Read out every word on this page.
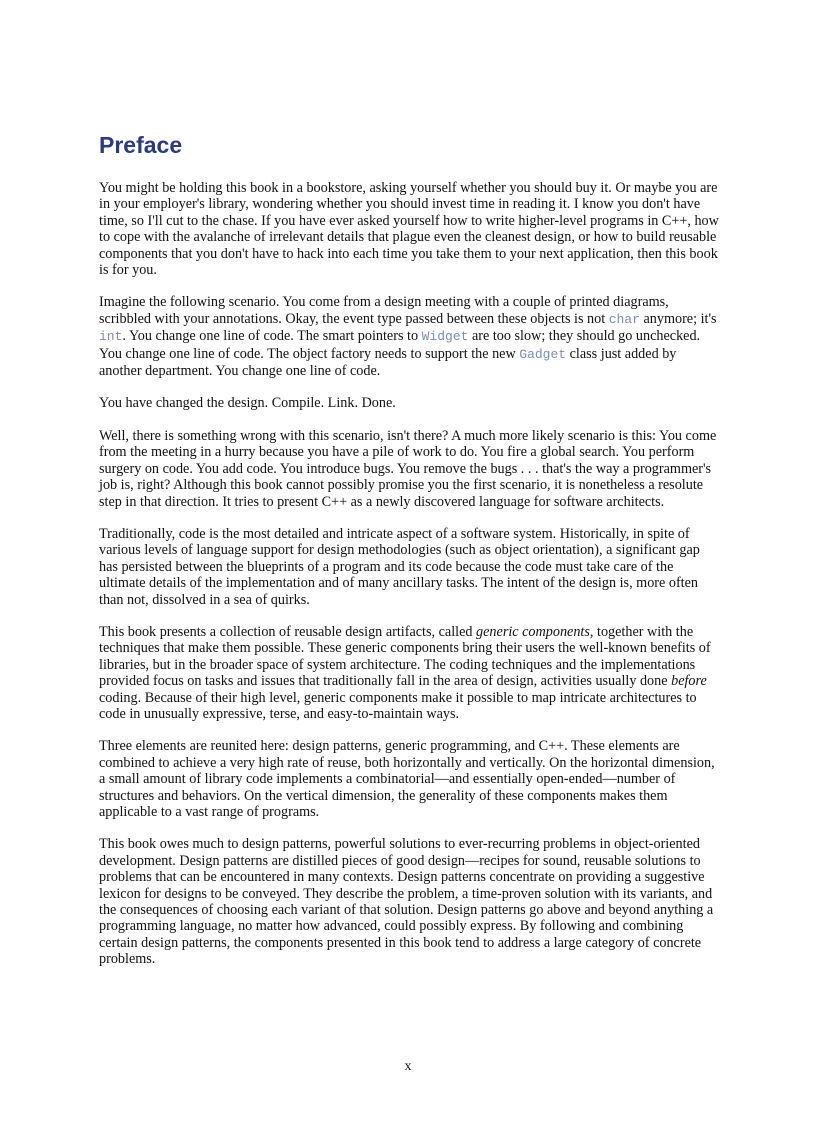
Preface

You might be holding this book in a bookstore, asking yourself whether you should buy it. Or maybe you are in your employer's library, wondering whether you should invest time in reading it. I know you don't have time, so I'll cut to the chase. If you have ever asked yourself how to write higher-level programs in C++, how to cope with the avalanche of irrelevant details that plague even the cleanest design, or how to build reusable components that you don't have to hack into each time you take them to your next application, then this book is for you.

Imagine the following scenario. You come from a design meeting with a couple of printed diagrams, scribbled with your annotations. Okay, the event type passed between these objects is not char anymore; it's int. You change one line of code. The smart pointers to Widget are too slow; they should go unchecked. You change one line of code. The object factory needs to support the new Gadget class just added by another department. You change one line of code.

You have changed the design. Compile. Link. Done.

Well, there is something wrong with this scenario, isn't there? A much more likely scenario is this: You come from the meeting in a hurry because you have a pile of work to do. You fire a global search. You perform surgery on code. You add code. You introduce bugs. You remove the bugs . . . that's the way a programmer's job is, right? Although this book cannot possibly promise you the first scenario, it is nonetheless a resolute step in that direction. It tries to present C++ as a newly discovered language for software architects.

Traditionally, code is the most detailed and intricate aspect of a software system. Historically, in spite of various levels of language support for design methodologies (such as object orientation), a significant gap has persisted between the blueprints of a program and its code because the code must take care of the ultimate details of the implementation and of many ancillary tasks. The intent of the design is, more often than not, dissolved in a sea of quirks.

This book presents a collection of reusable design artifacts, called generic components, together with the techniques that make them possible. These generic components bring their users the well-known benefits of libraries, but in the broader space of system architecture. The coding techniques and the implementations provided focus on tasks and issues that traditionally fall in the area of design, activities usually done before coding. Because of their high level, generic components make it possible to map intricate architectures to code in unusually expressive, terse, and easy-to-maintain ways.

Three elements are reunited here: design patterns, generic programming, and C++. These elements are combined to achieve a very high rate of reuse, both horizontally and vertically. On the horizontal dimension, a small amount of library code implements a combinatorial—and essentially open-ended—number of structures and behaviors. On the vertical dimension, the generality of these components makes them applicable to a vast range of programs.

This book owes much to design patterns, powerful solutions to ever-recurring problems in object-oriented development. Design patterns are distilled pieces of good design—recipes for sound, reusable solutions to problems that can be encountered in many contexts. Design patterns concentrate on providing a suggestive lexicon for designs to be conveyed. They describe the problem, a time-proven solution with its variants, and the consequences of choosing each variant of that solution. Design patterns go above and beyond anything a programming language, no matter how advanced, could possibly express. By following and combining certain design patterns, the components presented in this book tend to address a large category of concrete problems.

x
